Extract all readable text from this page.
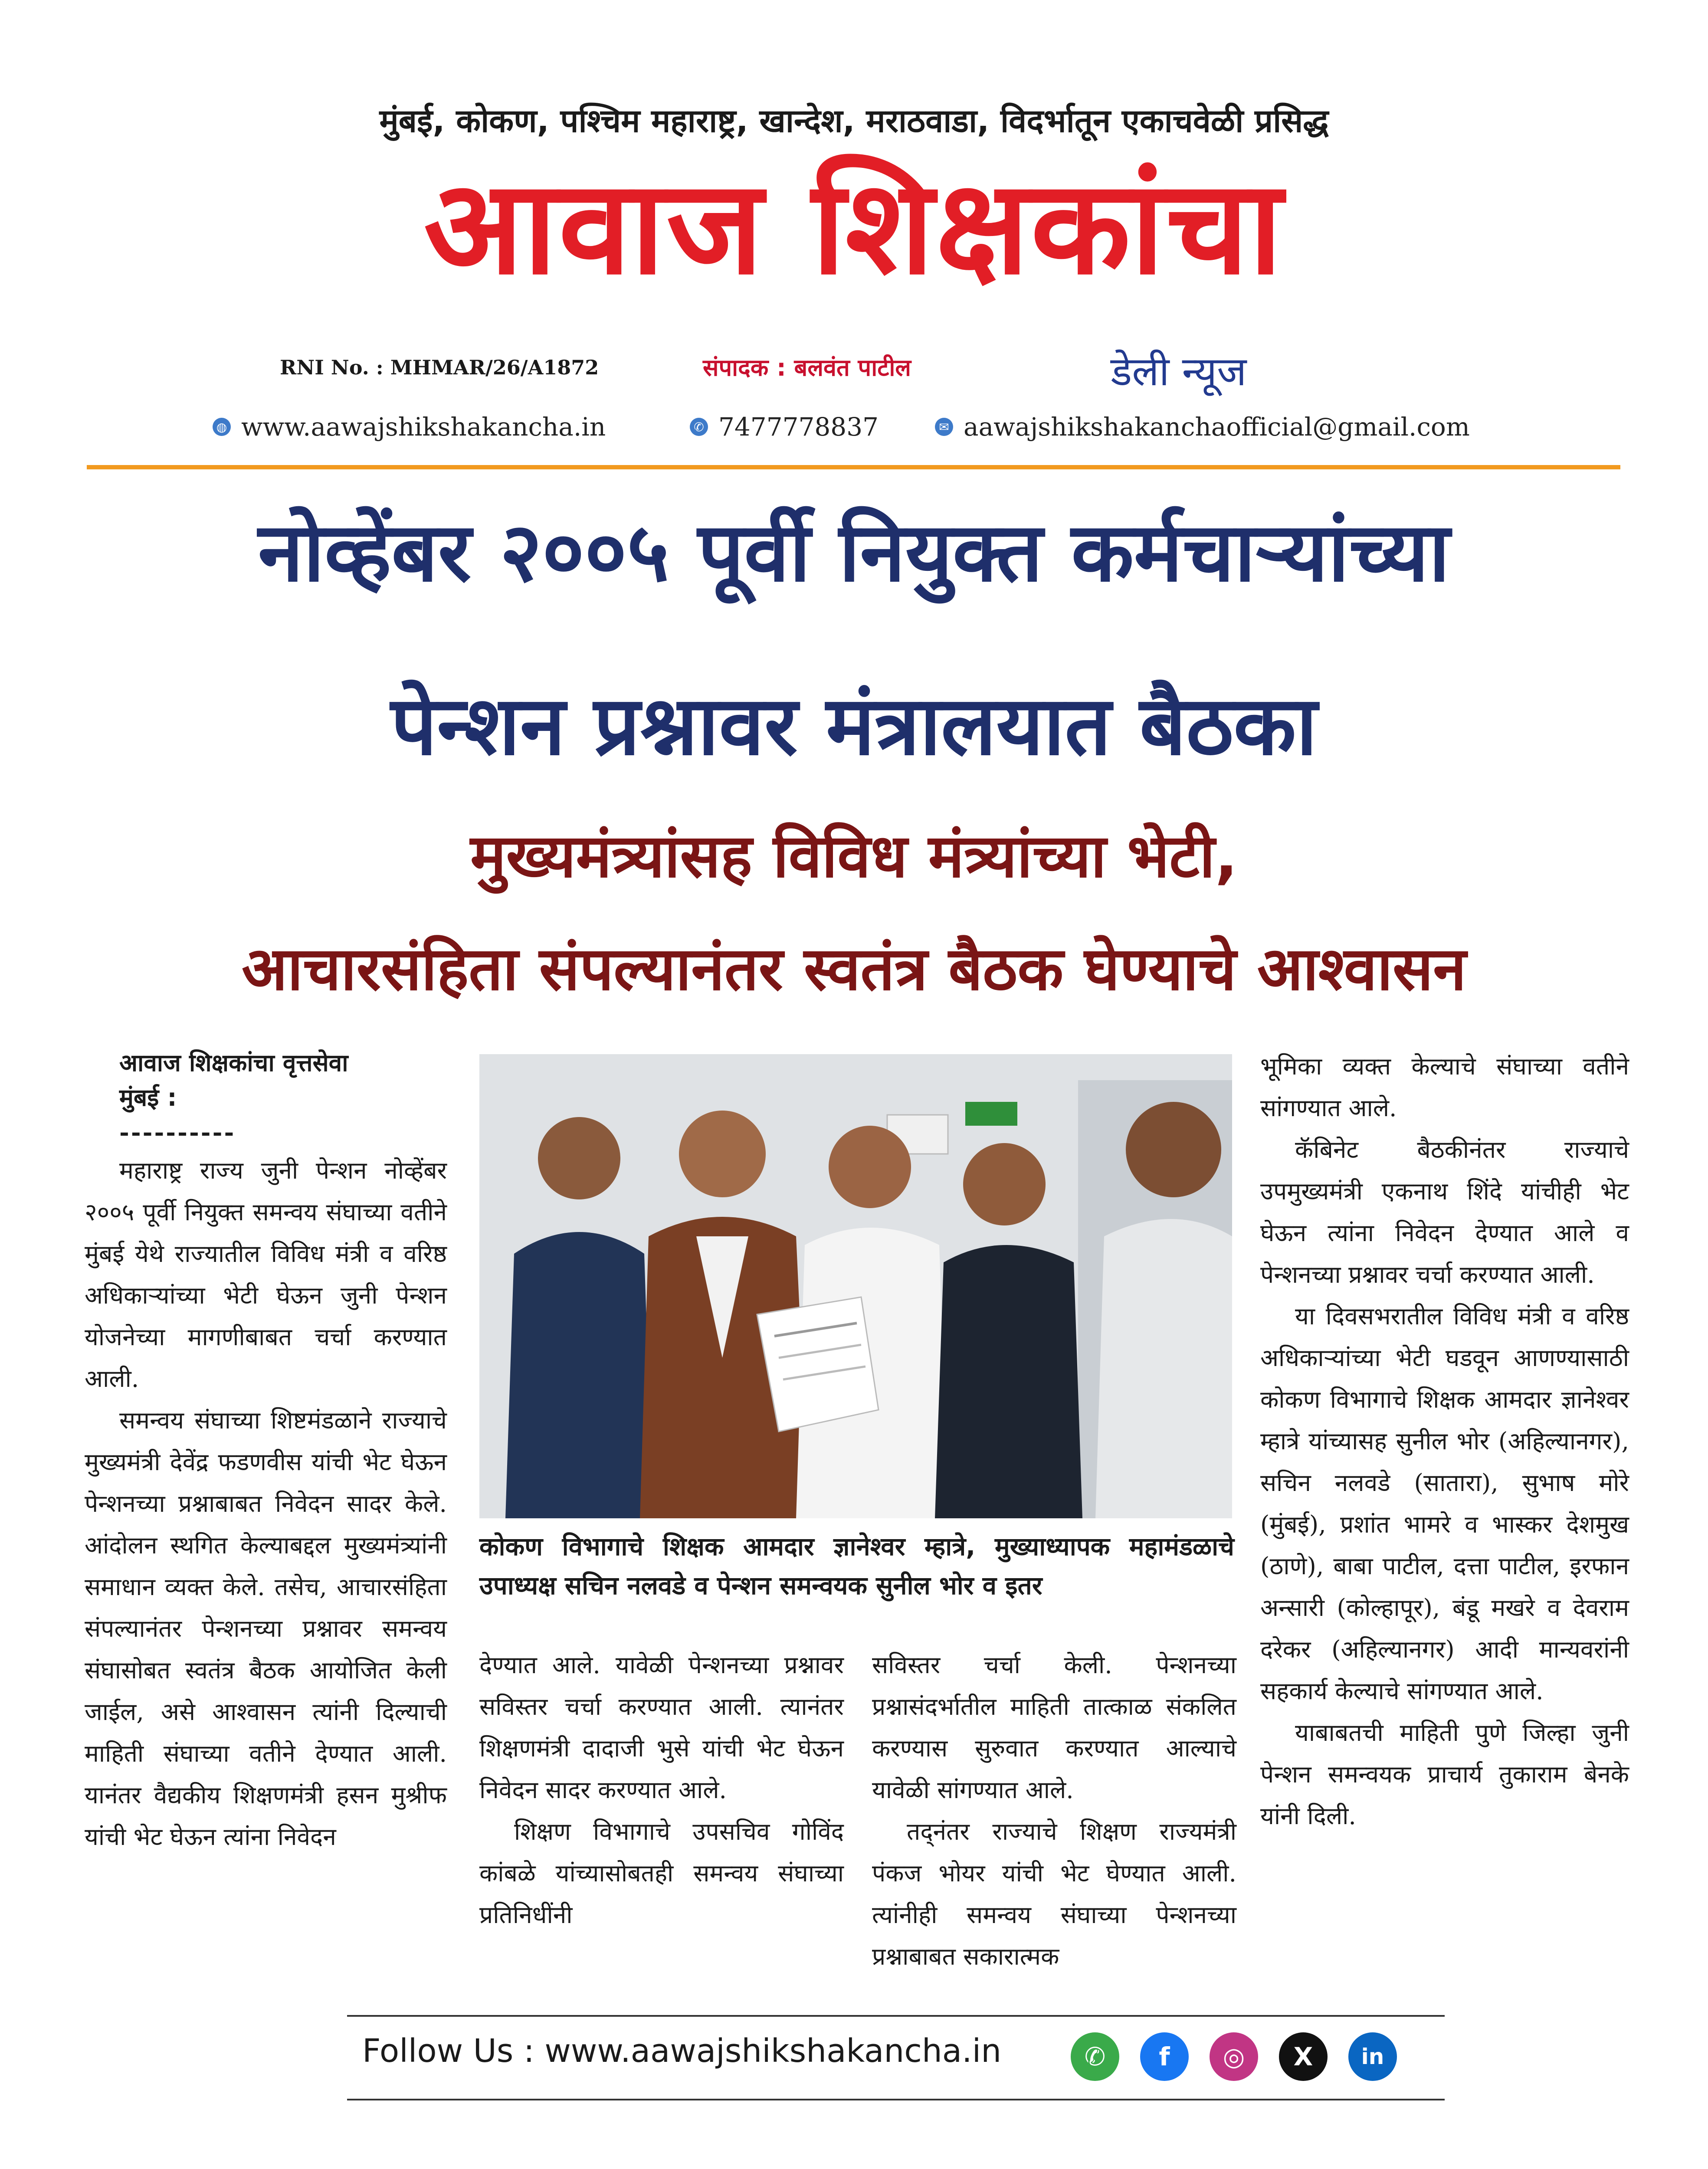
मुंबई, कोकण, पश्चिम महाराष्ट्र, खान्देश, मराठवाडा, विदर्भातून एकाचवेळी प्रसिद्ध
आवाज शिक्षकांचा
RNI No. : MHMAR/26/A1872	संपादक : बलवंत पाटील	डेली न्यूज
◍ www.aawajshikshakancha.in	✆ 7477778837	✉ aawajshikshakanchaofficial@gmail.com
नोव्हेंबर २००५ पूर्वी नियुक्त कर्मचाऱ्यांच्या
पेन्शन प्रश्नावर मंत्रालयात बैठका
मुख्यमंत्र्यांसह विविध मंत्र्यांच्या भेटी,
आचारसंहिता संपल्यानंतर स्वतंत्र बैठक घेण्याचे आश्वासन
आवाज शिक्षकांचा वृत्तसेवा
मुंबई :
----------

महाराष्ट्र राज्य जुनी पेन्शन नोव्हेंबर २००५ पूर्वी नियुक्त समन्वय संघाच्या वतीने मुंबई येथे राज्यातील विविध मंत्री व वरिष्ठ अधिकाऱ्यांच्या भेटी घेऊन जुनी पेन्शन योजनेच्या मागणीबाबत चर्चा करण्यात आली.

समन्वय संघाच्या शिष्टमंडळाने राज्याचे मुख्यमंत्री देवेंद्र फडणवीस यांची भेट घेऊन पेन्शनच्या प्रश्नाबाबत निवेदन सादर केले. आंदोलन स्थगित केल्याबद्दल मुख्यमंत्र्यांनी समाधान व्यक्त केले. तसेच, आचारसंहिता संपल्यानंतर पेन्शनच्या प्रश्नावर समन्वय संघासोबत स्वतंत्र बैठक आयोजित केली जाईल, असे आश्वासन त्यांनी दिल्याची माहिती संघाच्या वतीने देण्यात आली. यानंतर वैद्यकीय शिक्षणमंत्री हसन मुश्रीफ यांची भेट घेऊन त्यांना निवेदन

कोकण विभागाचे शिक्षक आमदार ज्ञानेश्वर म्हात्रे, मुख्याध्यापक महामंडळाचे उपाध्यक्ष सचिन नलवडे व पेन्शन समन्वयक सुनील भोर व इतर

देण्यात आले. यावेळी पेन्शनच्या प्रश्नावर सविस्तर चर्चा करण्यात आली. त्यानंतर शिक्षणमंत्री दादाजी भुसे यांची भेट घेऊन निवेदन सादर करण्यात आले.

शिक्षण विभागाचे उपसचिव गोविंद कांबळे यांच्यासोबतही समन्वय संघाच्या प्रतिनिधींनी

सविस्तर चर्चा केली. पेन्शनच्या प्रश्नासंदर्भातील माहिती तात्काळ संकलित करण्यास सुरुवात करण्यात आल्याचे यावेळी सांगण्यात आले.

तद्नंतर राज्याचे शिक्षण राज्यमंत्री पंकज भोयर यांची भेट घेण्यात आली. त्यांनीही समन्वय संघाच्या पेन्शनच्या प्रश्नाबाबत सकारात्मक

भूमिका व्यक्त केल्याचे संघाच्या वतीने सांगण्यात आले.

कॅबिनेट बैठकीनंतर राज्याचे उपमुख्यमंत्री एकनाथ शिंदे यांचीही भेट घेऊन त्यांना निवेदन देण्यात आले व पेन्शनच्या प्रश्नावर चर्चा करण्यात आली.

या दिवसभरातील विविध मंत्री व वरिष्ठ अधिकाऱ्यांच्या भेटी घडवून आणण्यासाठी कोकण विभागाचे शिक्षक आमदार ज्ञानेश्वर म्हात्रे यांच्यासह सुनील भोर (अहिल्यानगर), सचिन नलवडे (सातारा), सुभाष मोरे (मुंबई), प्रशांत भामरे व भास्कर देशमुख (ठाणे), बाबा पाटील, दत्ता पाटील, इरफान अन्सारी (कोल्हापूर), बंडू मखरे व देवराम दरेकर (अहिल्यानगर) आदी मान्यवरांनी सहकार्य केल्याचे सांगण्यात आले.

याबाबतची माहिती पुणे जिल्हा जुनी पेन्शन समन्वयक प्राचार्य तुकाराम बेनके यांनी दिली.

Follow Us : www.aawajshikshakancha.in	✆	f	◎	X	in
